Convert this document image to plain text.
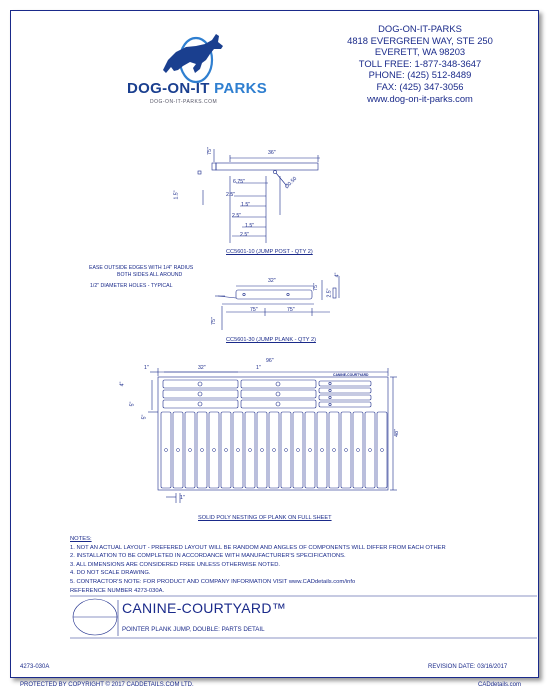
DOG-ON-IT PARKS
DOG-ON-IT-PARKS.COM
DOG-ON-IT-PARKS
4818 EVERGREEN WAY, STE 250
EVERETT, WA 98203
TOLL FREE: 1-877-348-3647
PHONE: (425) 512-8489
FAX: (425) 347-3056
www.dog-on-it-parks.com
75"	36"
1.5"
6.75"	Ø0.50
2.5"
1.5"
2.5"
1.5"
2.5"
CC5601-10 (JUMP POST - QTY 2)
EASE OUTSIDE EDGES WITH 1/4" RADIUS
BOTH SIDES ALL AROUND
1/2" DIAMETER HOLES - TYPICAL
32"
75"
2.5"
4"
75"	75"
75"
CC5601-30 (JUMP PLANK - QTY 2)
96"
32"
1"	1"
4"
5"
5"
48"
1"
CANINE-COURTYARD
SOLID POLY NESTING OF PLANK ON FULL SHEET
NOTES:
1. NOT AN ACTUAL LAYOUT - PREFERED LAYOUT WILL BE RANDOM AND ANGLES OF COMPONENTS WILL DIFFER FROM EACH OTHER
2. INSTALLATION TO BE COMPLETED IN ACCORDANCE WITH MANUFACTURER'S SPECIFICATIONS.
3. ALL DIMENSIONS ARE CONSIDERED FREE UNLESS OTHERWISE NOTED.
4. DO NOT SCALE DRAWING.
5. CONTRACTOR'S NOTE: FOR PRODUCT AND COMPANY INFORMATION VISIT www.CADdetails.com/info
REFERENCE NUMBER 4273-030A.
CANINE-COURTYARD™
POINTER PLANK JUMP, DOUBLE: PARTS DETAIL
4273-030A	REVISION DATE: 03/16/2017
PROTECTED BY COPYRIGHT © 2017 CADDETAILS.COM LTD.	CADdetails.com
